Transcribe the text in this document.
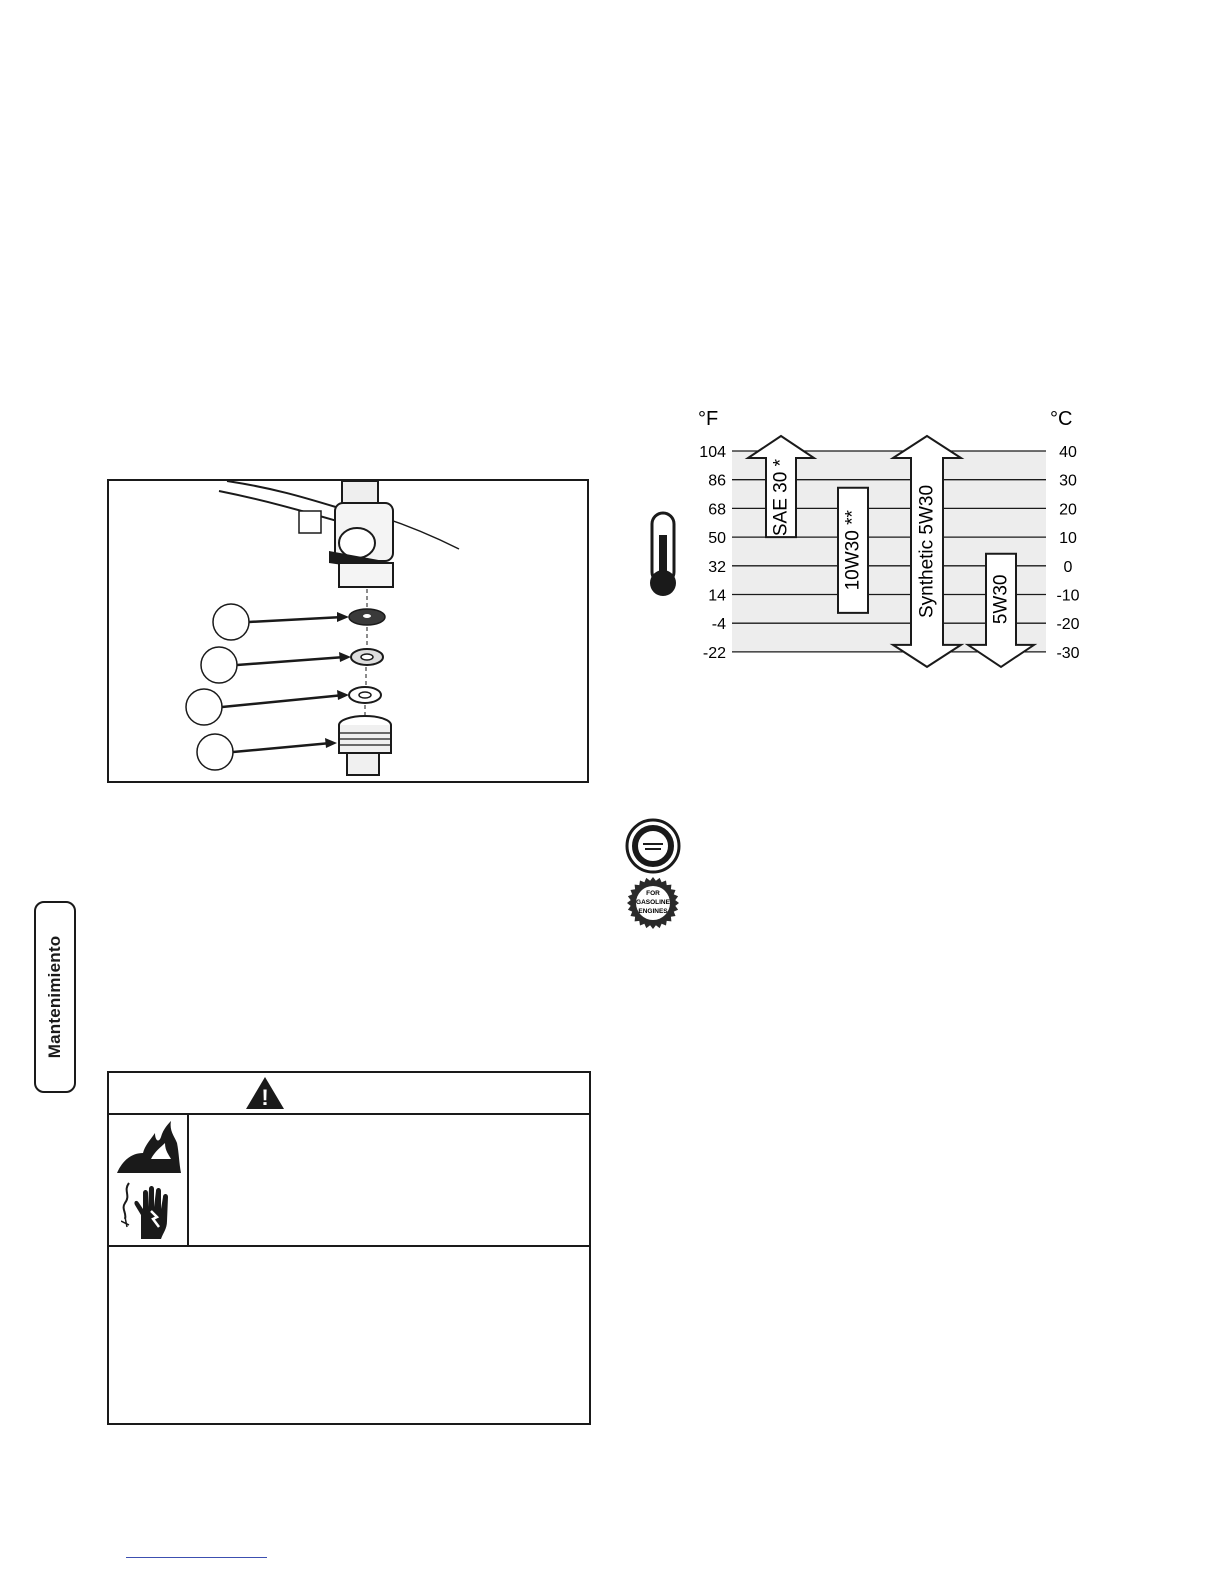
°F	°C
104	40
86	30
68	20
50	10
32	0
14	-10
-4	-20
-22	-30
SAE 30 *
10W30 **	Synthetic 5W30	5W30
FOR
GASOLINE
ENGINES
Mantenimiento
!
